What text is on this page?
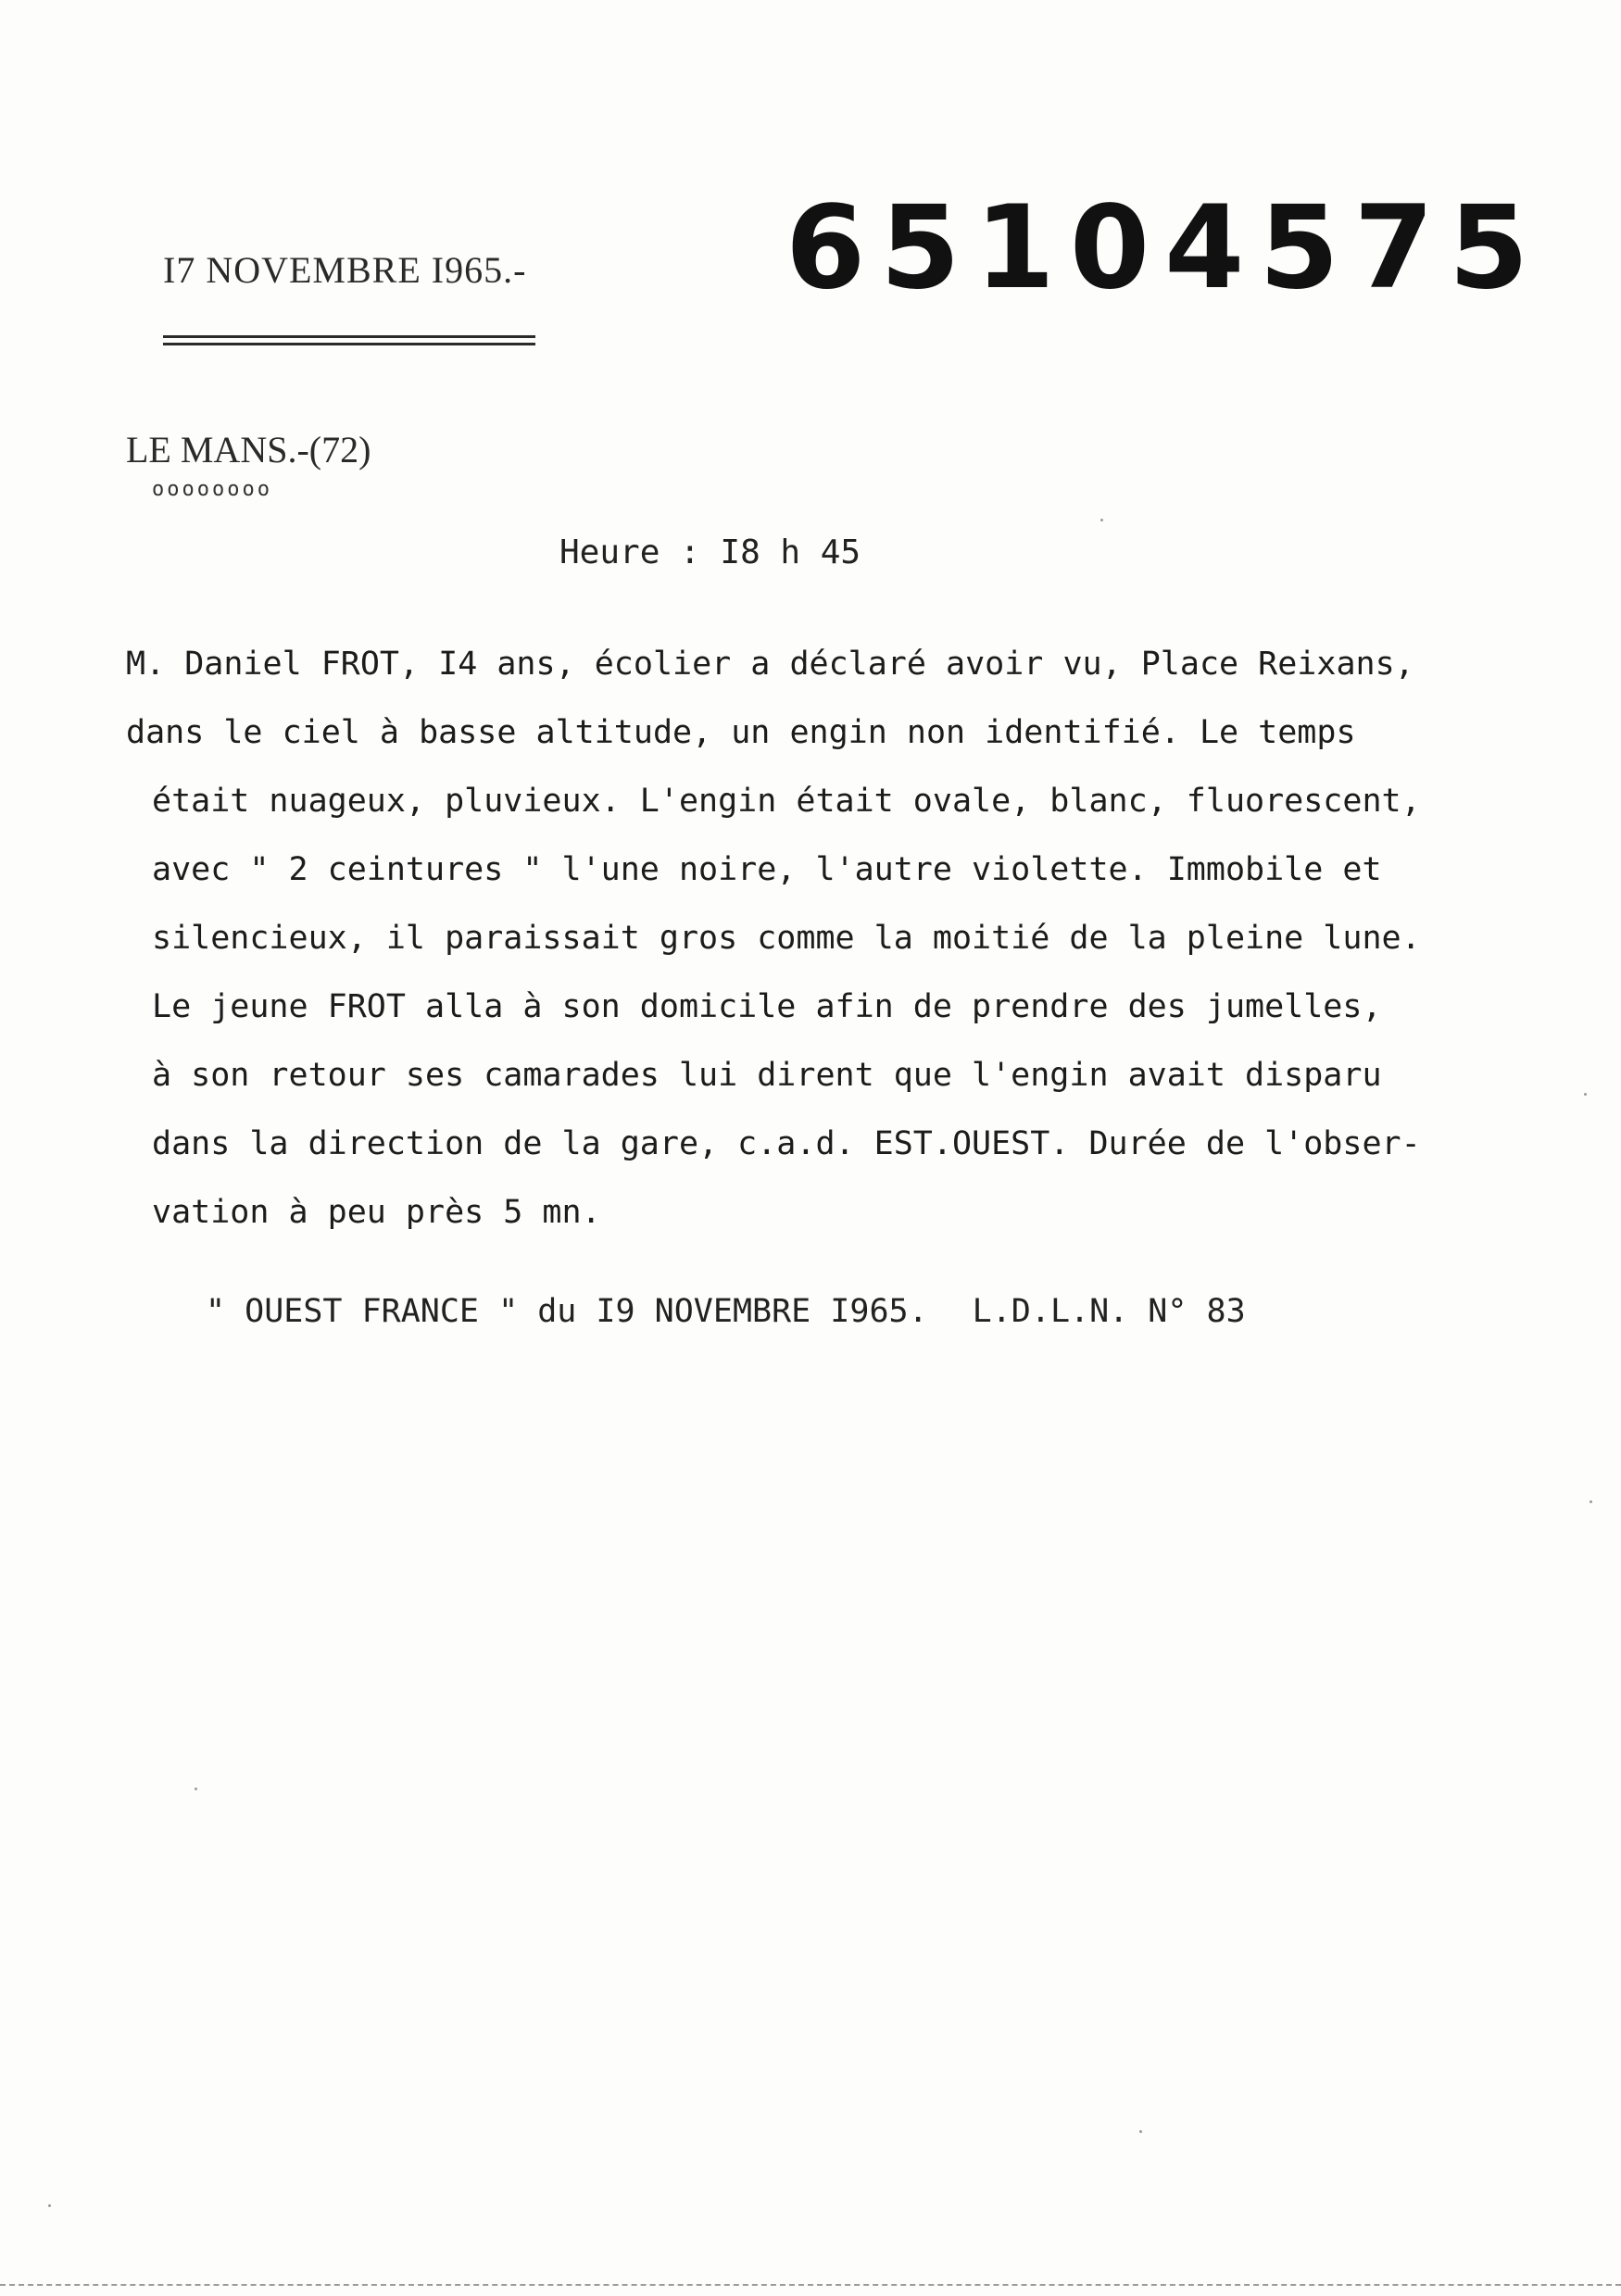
I7 NOVEMBRE I965.- 65104575
LE MANS.-(72)
oooooooo
Heure : I8 h 45
M. Daniel FROT, I4 ans, écolier a déclaré avoir vu, Place Reixans,
dans le ciel à basse altitude, un engin non identifié. Le temps
était nuageux, pluvieux. L'engin était ovale, blanc, fluorescent,
avec " 2 ceintures " l'une noire, l'autre violette. Immobile et
silencieux, il paraissait gros comme la moitié de la pleine lune.
Le jeune FROT alla à son domicile afin de prendre des jumelles,
à son retour ses camarades lui dirent que l'engin avait disparu
dans la direction de la gare, c.a.d. EST.OUEST. Durée de l'obser-
vation à peu près 5 mn.
" OUEST FRANCE " du I9 NOVEMBRE I965. L.D.L.N. N° 83
